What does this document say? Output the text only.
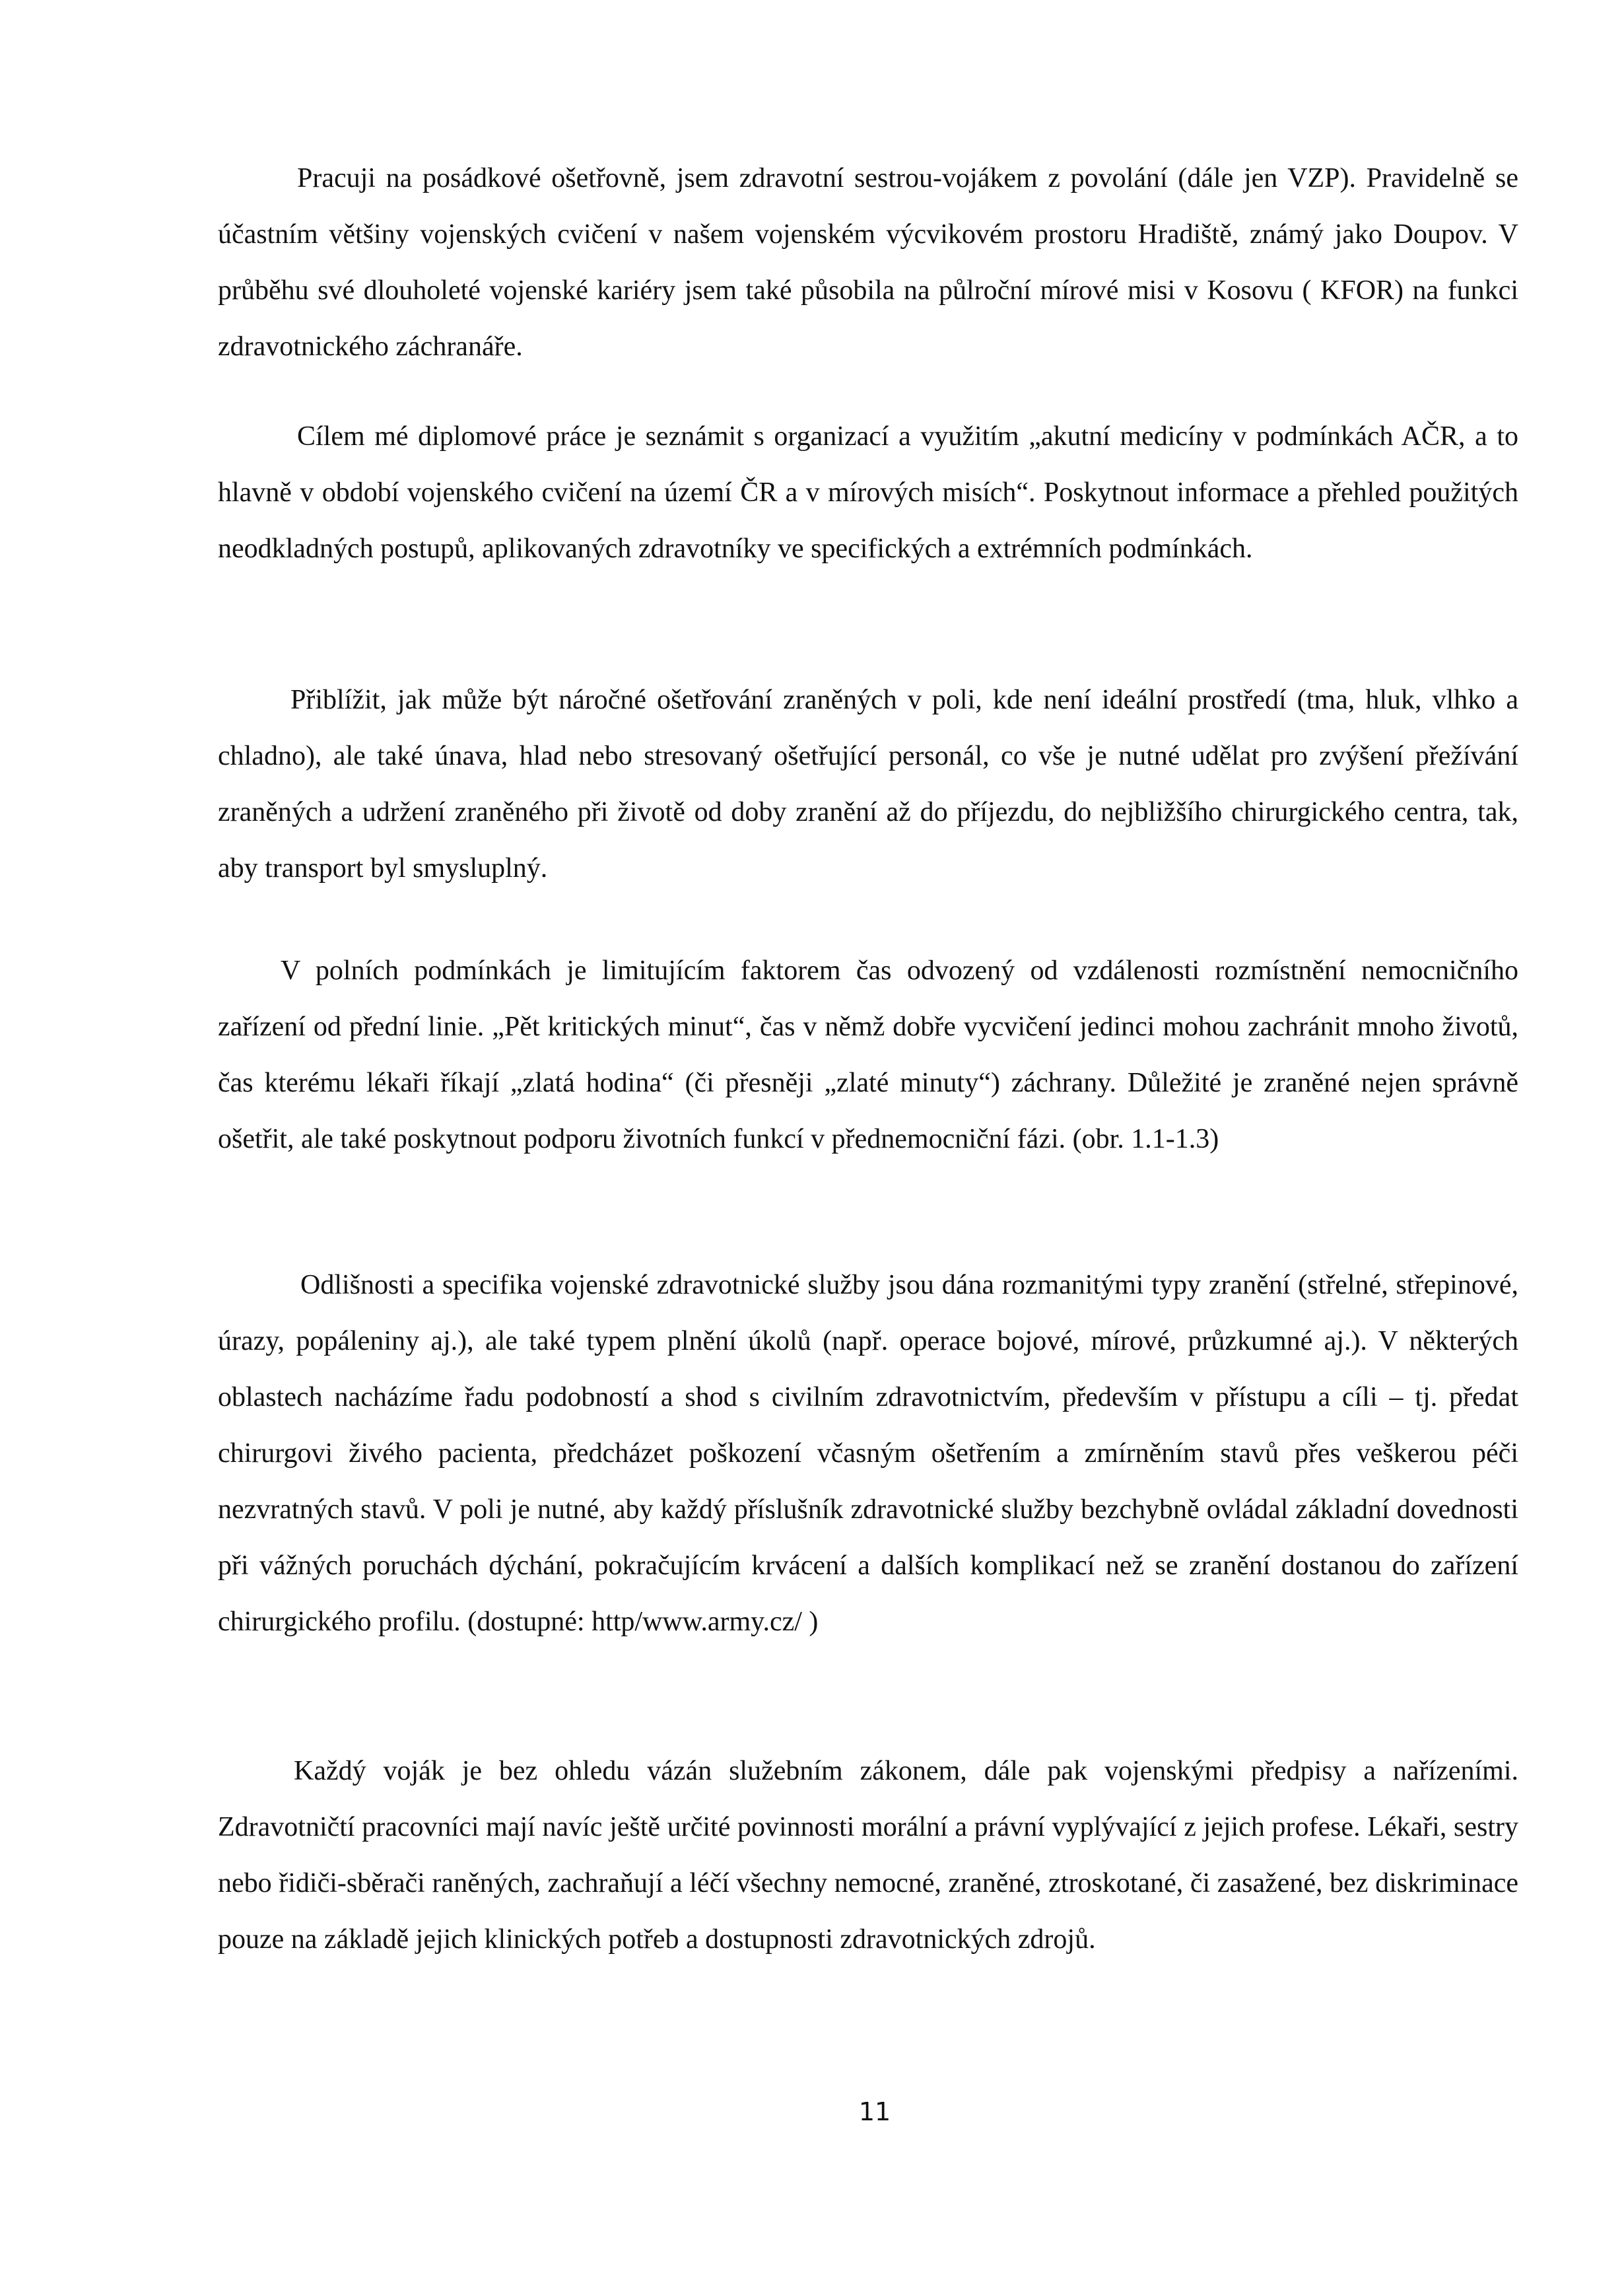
Pracuji na posádkové ošetřovně, jsem zdravotní sestrou-vojákem z povolání (dále jen VZP). Pravidelně se účastním většiny vojenských cvičení v našem vojenském výcvikovém prostoru Hradiště, známý jako Doupov. V průběhu své dlouholeté vojenské kariéry jsem také působila na půlroční mírové misi v Kosovu ( KFOR) na funkci zdravotnického záchranáře.

Cílem mé diplomové práce je seznámit s organizací a využitím „akutní medicíny v podmínkách AČR, a to hlavně v období vojenského cvičení na území ČR a v mírových misích“. Poskytnout informace a přehled použitých neodkladných postupů, aplikovaných zdravotníky ve specifických a extrémních podmínkách.

Přiblížit, jak může být náročné ošetřování zraněných v poli, kde není ideální prostředí (tma, hluk, vlhko a chladno), ale také únava, hlad nebo stresovaný ošetřující personál, co vše je nutné udělat pro zvýšení přežívání zraněných a udržení zraněného při životě od doby zranění až do příjezdu, do nejbližšího chirurgického centra, tak, aby transport byl smysluplný.

V polních podmínkách je limitujícím faktorem čas odvozený od vzdálenosti rozmístnění nemocničního zařízení od přední linie. „Pět kritických minut“, čas v němž dobře vycvičení jedinci mohou zachránit mnoho životů, čas kterému lékaři říkají „zlatá hodina“ (či přesněji „zlaté minuty“) záchrany. Důležité je zraněné nejen správně ošetřit, ale také poskytnout podporu životních funkcí v přednemocniční fázi. (obr. 1.1-1.3)

Odlišnosti a specifika vojenské zdravotnické služby jsou dána rozmanitými typy zranění (střelné, střepinové, úrazy, popáleniny aj.), ale také typem plnění úkolů (např. operace bojové, mírové, průzkumné aj.). V některých oblastech nacházíme řadu podobností a shod s civilním zdravotnictvím, především v přístupu a cíli – tj. předat chirurgovi živého pacienta, předcházet poškození včasným ošetřením a zmírněním stavů přes veškerou péči nezvratných stavů. V poli je nutné, aby každý příslušník zdravotnické služby bezchybně ovládal základní dovednosti při vážných poruchách dýchání, pokračujícím krvácení a dalších komplikací než se zranění dostanou do zařízení chirurgického profilu. (dostupné: http/www.army.cz/ )

Každý voják je bez ohledu vázán služebním zákonem, dále pak vojenskými předpisy a nařízeními. Zdravotničtí pracovníci mají navíc ještě určité povinnosti morální a právní vyplývající z jejich profese. Lékaři, sestry nebo řidiči-sběrači raněných, zachraňují a léčí všechny nemocné, zraněné, ztroskotané, či zasažené, bez diskriminace pouze na základě jejich klinických potřeb a dostupnosti zdravotnických zdrojů.

11
